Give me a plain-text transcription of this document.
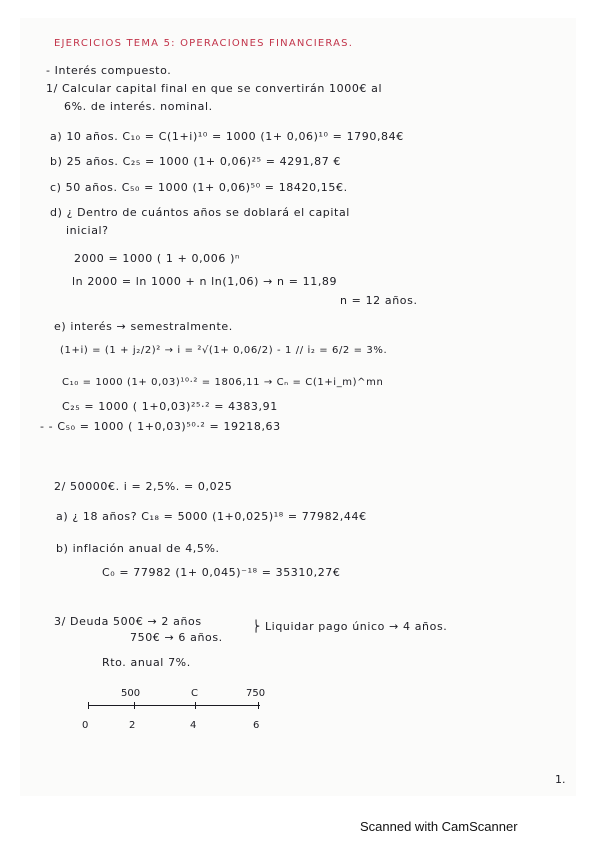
EJERCICIOS TEMA 5: OPERACIONES FINANCIERAS.
- Interés compuesto.
1/ Calcular capital final en que se convertirán 1000€ al
6%. de interés. nominal.
a) 10 años. C₁₀ = C(1+i)¹⁰ = 1000 (1+ 0,06)¹⁰ = 1790,84€
b) 25 años. C₂₅ = 1000 (1+ 0,06)²⁵ = 4291,87 €
c) 50 años. C₅₀ = 1000 (1+ 0,06)⁵⁰ = 18420,15€.
d) ¿ Dentro de cuántos años se doblará el capital
inicial?
2000 = 1000 ( 1 + 0,006 )ⁿ
ln 2000 = ln 1000 + n ln(1,06) → n = 11,89
n = 12 años.
e) interés → semestralmente.
(1+i) = (1 + j₂/2)² → i = ²√(1+ 0,06/2) - 1 // i₂ = 6/2 = 3%.
C₁₀ = 1000 (1+ 0,03)¹⁰·² = 1806,11 → Cₙ = C(1+i_m)^mn
C₂₅ = 1000 ( 1+0,03)²⁵·² = 4383,91
- - C₅₀ = 1000 ( 1+0,03)⁵⁰·² = 19218,63
2/ 50000€. i = 2,5%. = 0,025
a) ¿ 18 años? C₁₈ = 5000 (1+0,025)¹⁸ = 77982,44€
b) inflación anual de 4,5%.
C₀ = 77982 (1+ 0,045)⁻¹⁸ = 35310,27€
3/ Deuda 500€ → 2 años
750€ → 6 años.
⎬ Liquidar pago único → 4 años.
Rto. anual 7%.
500	C	750
0	2	4	6
1.
Scanned with CamScanner
